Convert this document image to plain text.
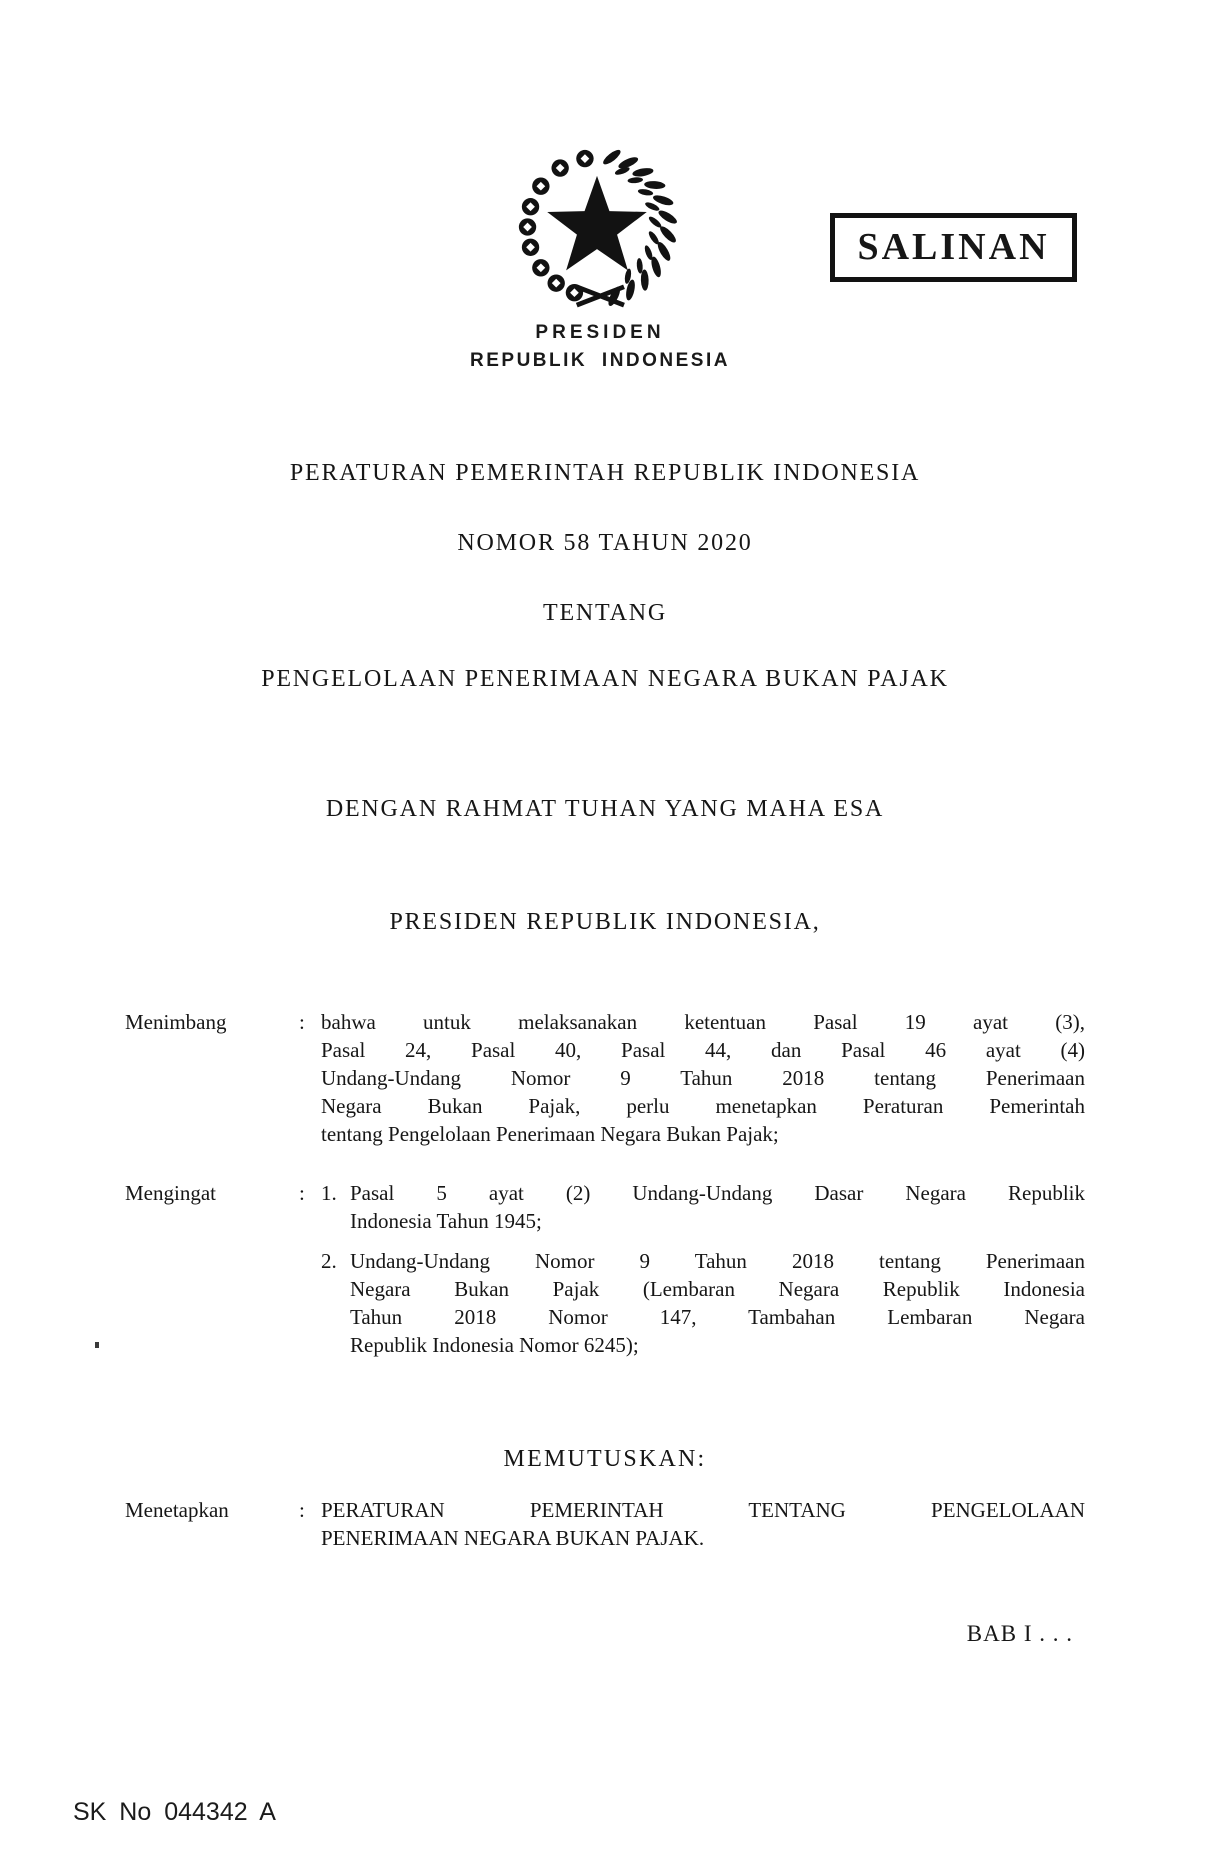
PRESIDEN
REPUBLIK INDONESIA
SALINAN
PERATURAN PEMERINTAH REPUBLIK INDONESIA
NOMOR 58 TAHUN 2020
TENTANG
PENGELOLAAN PENERIMAAN NEGARA BUKAN PAJAK
DENGAN RAHMAT TUHAN YANG MAHA ESA
PRESIDEN REPUBLIK INDONESIA,
Menimbang	: bahwa untuk melaksanakan ketentuan Pasal 19 ayat (3),
Pasal 24, Pasal 40, Pasal 44, dan Pasal 46 ayat (4)
Undang-Undang Nomor 9 Tahun 2018 tentang Penerimaan
Negara Bukan Pajak, perlu menetapkan Peraturan Pemerintah
tentang Pengelolaan Penerimaan Negara Bukan Pajak;
Mengingat	: 1. Pasal 5 ayat (2) Undang-Undang Dasar Negara Republik
Indonesia Tahun 1945;
2. Undang-Undang Nomor 9 Tahun 2018 tentang Penerimaan
Negara Bukan Pajak (Lembaran Negara Republik Indonesia
Tahun 2018 Nomor 147, Tambahan Lembaran Negara
Republik Indonesia Nomor 6245);
MEMUTUSKAN:
Menetapkan	: PERATURAN PEMERINTAH TENTANG PENGELOLAAN
PENERIMAAN NEGARA BUKAN PAJAK.
BAB I . . .
SK No 044342 A
